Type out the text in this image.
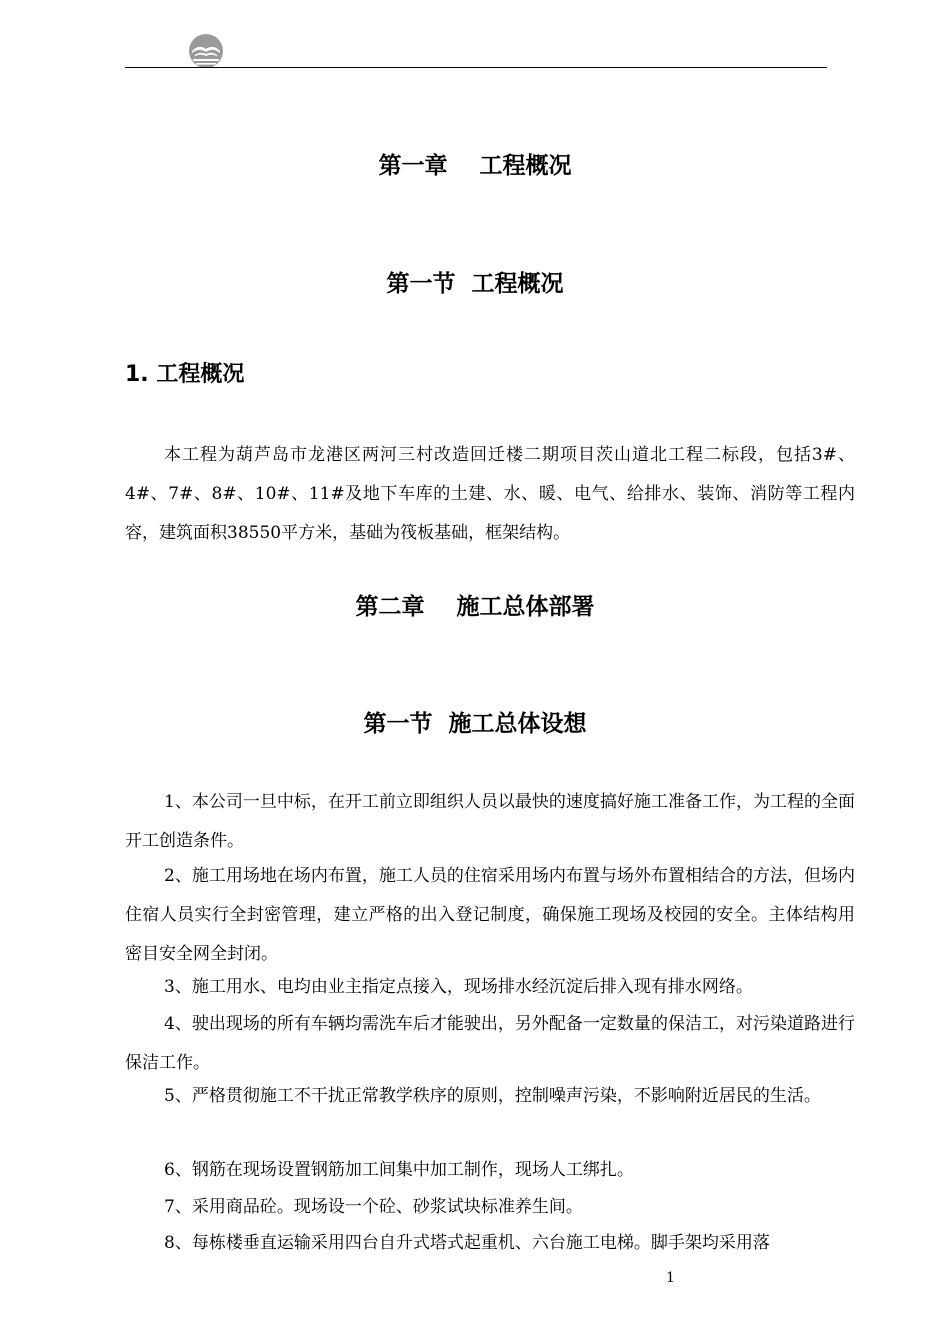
第一章    工程概况
第一节  工程概况
1. 工程概况

本工程为葫芦岛市龙港区两河三村改造回迁楼二期项目茨山道北工程二标段，包括3#、4#、7#、8#、10#、11#及地下车库的土建、水、暖、电气、给排水、装饰、消防等工程内容，建筑面积38550平方米，基础为筏板基础，框架结构。

第二章    施工总体部署
第一节  施工总体设想

1、本公司一旦中标，在开工前立即组织人员以最快的速度搞好施工准备工作，为工程的全面开工创造条件。

2、施工用场地在场内布置，施工人员的住宿采用场内布置与场外布置相结合的方法，但场内住宿人员实行全封密管理，建立严格的出入登记制度，确保施工现场及校园的安全。主体结构用密目安全网全封闭。

3、施工用水、电均由业主指定点接入，现场排水经沉淀后排入现有排水网络。

4、驶出现场的所有车辆均需洗车后才能驶出，另外配备一定数量的保洁工，对污染道路进行保洁工作。

5、严格贯彻施工不干扰正常教学秩序的原则，控制噪声污染，不影响附近居民的生活。

6、钢筋在现场设置钢筋加工间集中加工制作，现场人工绑扎。

7、采用商品砼。现场设一个砼、砂浆试块标准养生间。

8、每栋楼垂直运输采用四台自升式塔式起重机、六台施工电梯。脚手架均采用落

1
